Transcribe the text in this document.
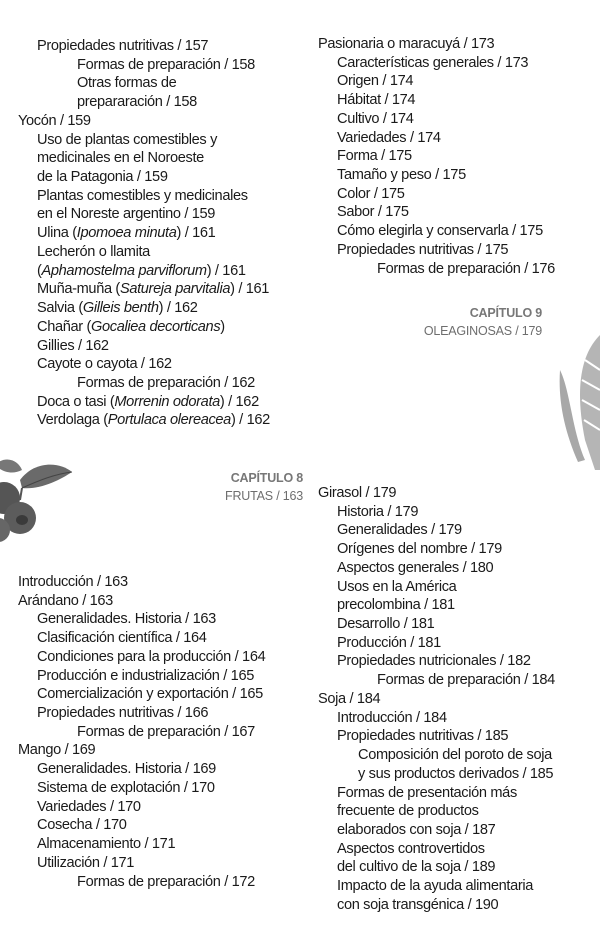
Propiedades nutritivas / 157
Formas de preparación / 158
Otras formas de
prepararación / 158
Yocón / 159
Uso de plantas comestibles y
medicinales en el Noroeste
de la Patagonia / 159
Plantas comestibles y medicinales
en el Noreste argentino / 159
Ulina (Ipomoea minuta) / 161
Lecherón o llamita
(Aphamostelma parviflorum) / 161
Muña-muña (Satureja parvitalia) / 161
Salvia (Gilleis benth) / 162
Chañar (Gocaliea decorticans)
Gillies / 162
Cayote o cayota / 162
Formas de preparación / 162
Doca o tasi (Morrenin odorata) / 162
Verdolaga (Portulaca olereacea) / 162
Introducción / 163
Arándano / 163
Generalidades. Historia / 163
Clasificación científica / 164
Condiciones para la producción / 164
Producción e industrialización / 165
Comercialización y exportación / 165
Propiedades nutritivas / 166
Formas de preparación / 167
Mango / 169
Generalidades. Historia / 169
Sistema de explotación / 170
Variedades / 170
Cosecha / 170
Almacenamiento / 171
Utilización / 171
Formas de preparación / 172
Pasionaria o maracuyá / 173
Características generales / 173
Origen / 174
Hábitat / 174
Cultivo / 174
Variedades / 174
Forma / 175
Tamaño y peso / 175
Color / 175
Sabor / 175
Cómo elegirla y conservarla / 175
Propiedades nutritivas / 175
Formas de preparación / 176
Girasol / 179
Historia / 179
Generalidades / 179
Orígenes del nombre / 179
Aspectos generales / 180
Usos en la América
precolombina / 181
Desarrollo / 181
Producción / 181
Propiedades nutricionales / 182
Formas de preparación / 184
Soja / 184
Introducción / 184
Propiedades nutritivas / 185
Composición del poroto de soja
y sus productos derivados / 185
Formas de presentación más
frecuente de productos
elaborados con soja / 187
Aspectos controvertidos
del cultivo de la soja / 189
Impacto de la ayuda alimentaria
con soja transgénica / 190
CAPÍTULO 8
FRUTAS / 163
CAPÍTULO 9
OLEAGINOSAS / 179
